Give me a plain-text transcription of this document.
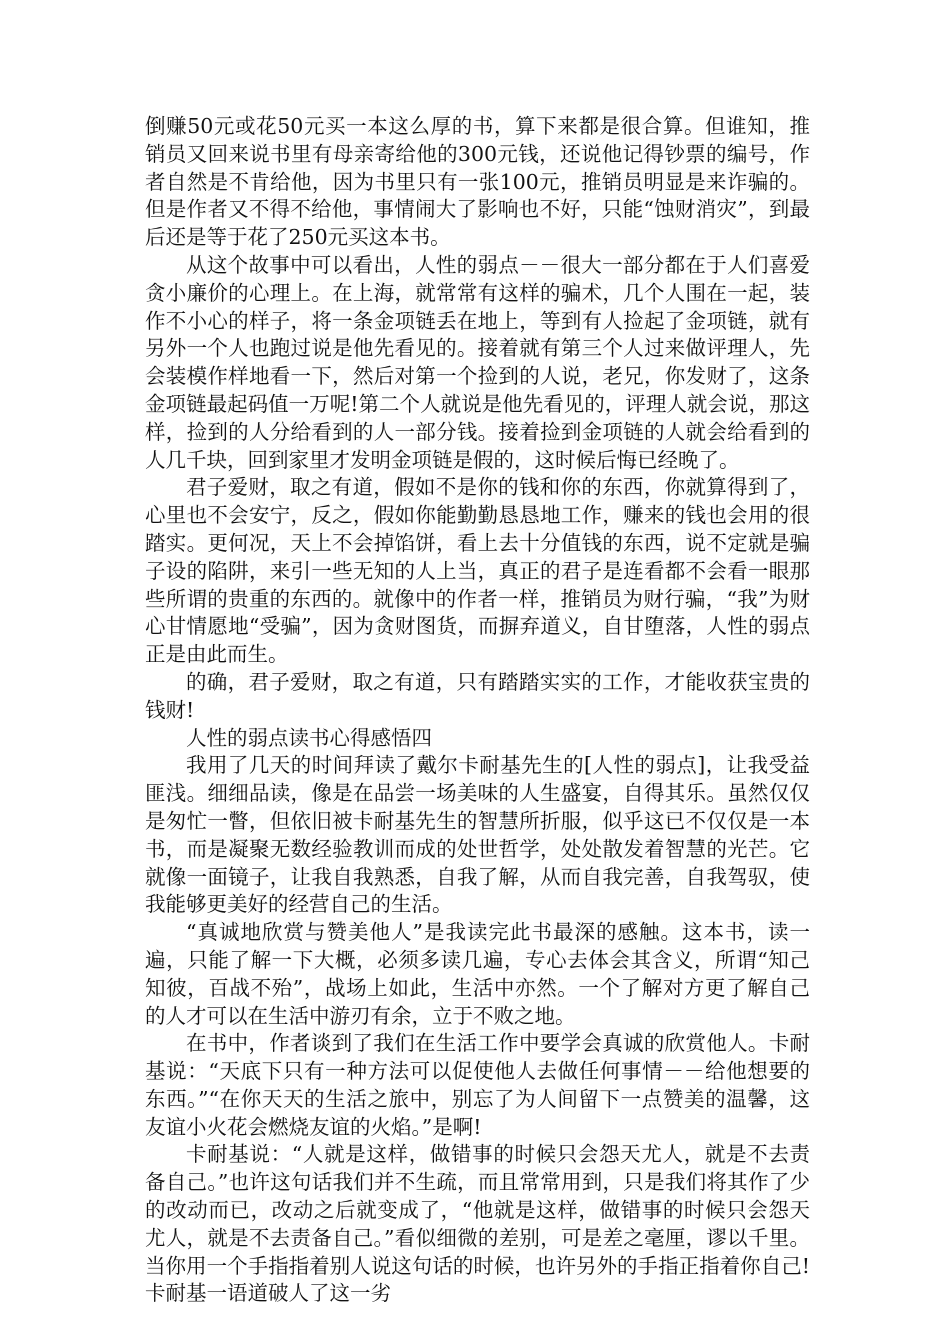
倒赚50元或花50元买一本这么厚的书，算下来都是很合算。但谁知，推销员又回来说书里有母亲寄给他的300元钱，还说他记得钞票的编号，作者自然是不肯给他，因为书里只有一张100元，推销员明显是来诈骗的。但是作者又不得不给他，事情闹大了影响也不好，只能“蚀财消灾”，到最后还是等于花了250元买这本书。

从这个故事中可以看出，人性的弱点－－很大一部分都在于人们喜爱贪小廉价的心理上。在上海，就常常有这样的骗术，几个人围在一起，装作不小心的样子，将一条金项链丢在地上，等到有人捡起了金项链，就有另外一个人也跑过说是他先看见的。接着就有第三个人过来做评理人，先会装模作样地看一下，然后对第一个捡到的人说，老兄，你发财了，这条金项链最起码值一万呢!第二个人就说是他先看见的，评理人就会说，那这样，捡到的人分给看到的人一部分钱。接着捡到金项链的人就会给看到的人几千块，回到家里才发明金项链是假的，这时候后悔已经晚了。

君子爱财，取之有道，假如不是你的钱和你的东西，你就算得到了，心里也不会安宁，反之，假如你能勤勤恳恳地工作，赚来的钱也会用的很踏实。更何况，天上不会掉馅饼，看上去十分值钱的东西，说不定就是骗子设的陷阱，来引一些无知的人上当，真正的君子是连看都不会看一眼那些所谓的贵重的东西的。就像中的作者一样，推销员为财行骗，“我”为财心甘情愿地“受骗”，因为贪财图货，而摒弃道义，自甘堕落，人性的弱点正是由此而生。

的确，君子爱财，取之有道，只有踏踏实实的工作，才能收获宝贵的钱财!

人性的弱点读书心得感悟四

我用了几天的时间拜读了戴尔卡耐基先生的[人性的弱点]，让我受益匪浅。细细品读，像是在品尝一场美味的人生盛宴，自得其乐。虽然仅仅是匆忙一瞥，但依旧被卡耐基先生的智慧所折服，似乎这已不仅仅是一本书，而是凝聚无数经验教训而成的处世哲学，处处散发着智慧的光芒。它就像一面镜子，让我自我熟悉，自我了解，从而自我完善，自我驾驭，使我能够更美好的经营自己的生活。

“真诚地欣赏与赞美他人”是我读完此书最深的感触。这本书，读一遍，只能了解一下大概，必须多读几遍，专心去体会其含义，所谓“知己知彼，百战不殆”，战场上如此，生活中亦然。一个了解对方更了解自己的人才可以在生活中游刃有余，立于不败之地。

在书中，作者谈到了我们在生活工作中要学会真诚的欣赏他人。卡耐基说：“天底下只有一种方法可以促使他人去做任何事情－－给他想要的东西。”“在你天天的生活之旅中，别忘了为人间留下一点赞美的温馨，这友谊小火花会燃烧友谊的火焰。”是啊!

卡耐基说：“人就是这样，做错事的时候只会怨天尤人，就是不去责备自己。”也许这句话我们并不生疏，而且常常用到，只是我们将其作了少的改动而已，改动之后就变成了，“他就是这样，做错事的时候只会怨天尤人，就是不去责备自己。”看似细微的差别，可是差之毫厘，谬以千里。当你用一个手指指着别人说这句话的时候，也许另外的手指正指着你自己!卡耐基一语道破人了这一劣
